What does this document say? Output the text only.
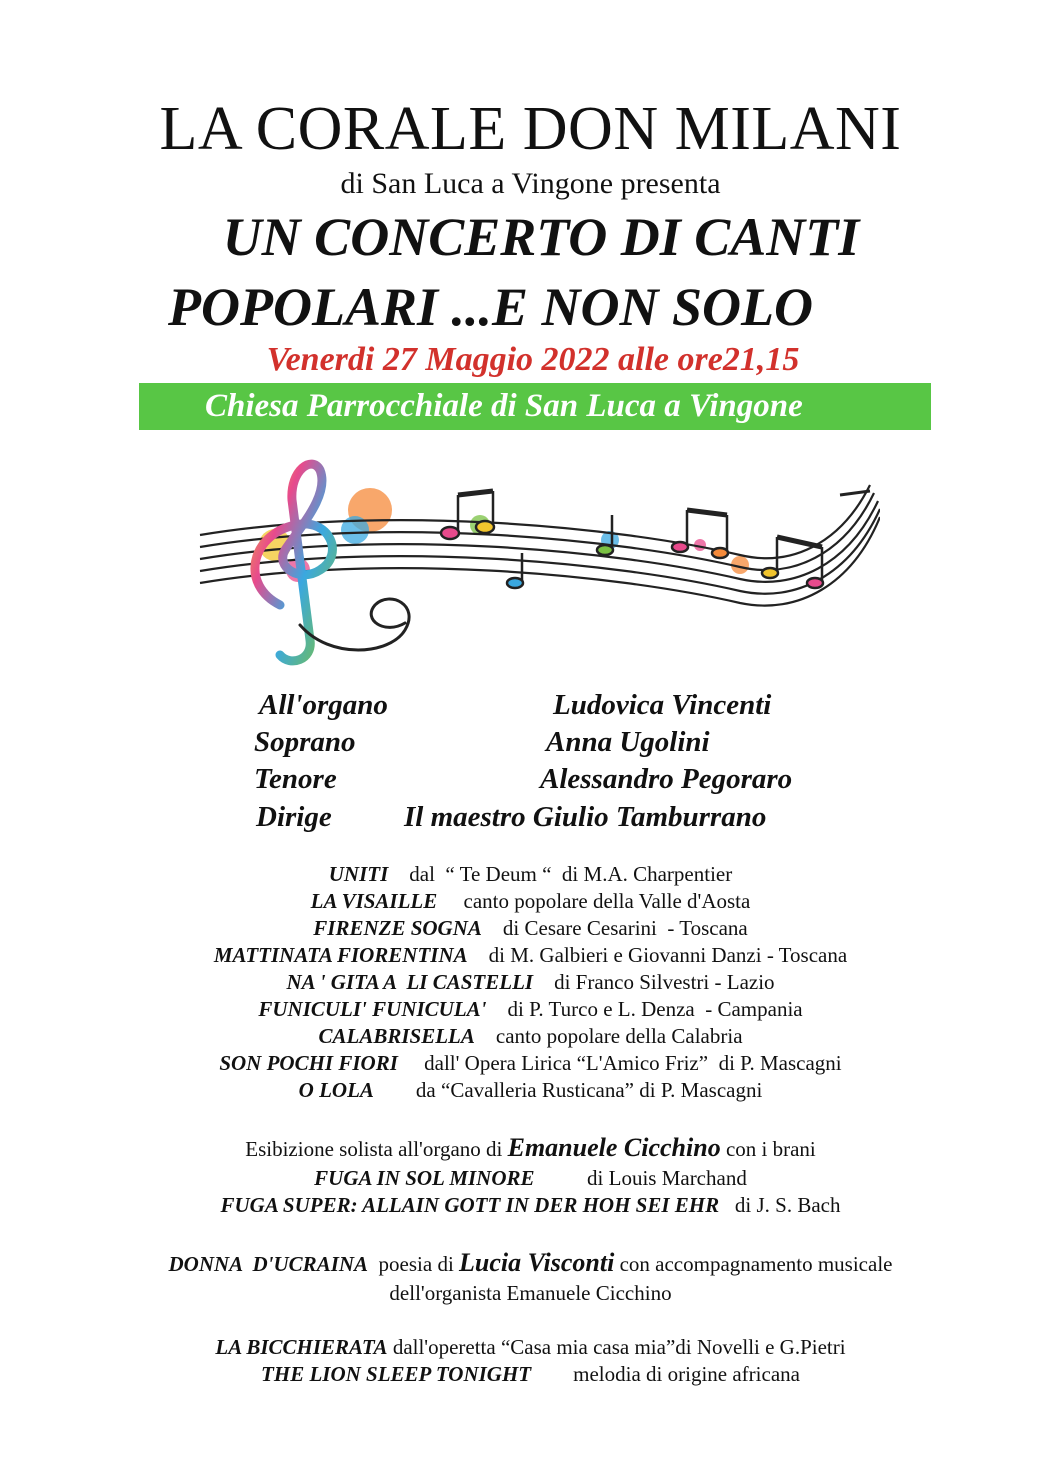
LA CORALE DON MILANI
di San Luca a Vingone presenta
UN CONCERTO DI CANTI
POPOLARI ...E NON SOLO
Venerdi 27 Maggio 2022 alle ore21,15

Chiesa Parrocchiale di San Luca a Vingone

All'organo	Ludovica Vincenti
Soprano	Anna Ugolini
Tenore	Alessandro Pegoraro
Dirige Il maestro Giulio Tamburrano
UNITI dal  “ Te Deum “  di M.A. Charpentier
LA VISAILLE canto popolare della Valle d'Aosta
FIRENZE SOGNA di Cesare Cesarini  - Toscana
MATTINATA FIORENTINA di M. Galbieri e Giovanni Danzi - Toscana
NA ' GITA A  LI CASTELLI di Franco Silvestri - Lazio
FUNICULI' FUNICULA' di P. Turco e L. Denza  - Campania
CALABRISELLA canto popolare della Calabria
SON POCHI FIORI dall' Opera Lirica “L'Amico Friz”  di P. Mascagni
O LOLA da “Cavalleria Rusticana” di P. Mascagni
Esibizione solista all'organo di Emanuele Cicchino con i brani
FUGA IN SOL MINORE	di Louis Marchand
FUGA SUPER: ALLAIN GOTT IN DER HOH SEI EHR di J. S. Bach
DONNA  D'UCRAINA poesia di Lucia Visconti con accompagnamento musicale
dell'organista Emanuele Cicchino
LA BICCHIERATA dall'operetta “Casa mia casa mia”di Novelli e G.Pietri
THE LION SLEEP TONIGHT melodia di origine africana
